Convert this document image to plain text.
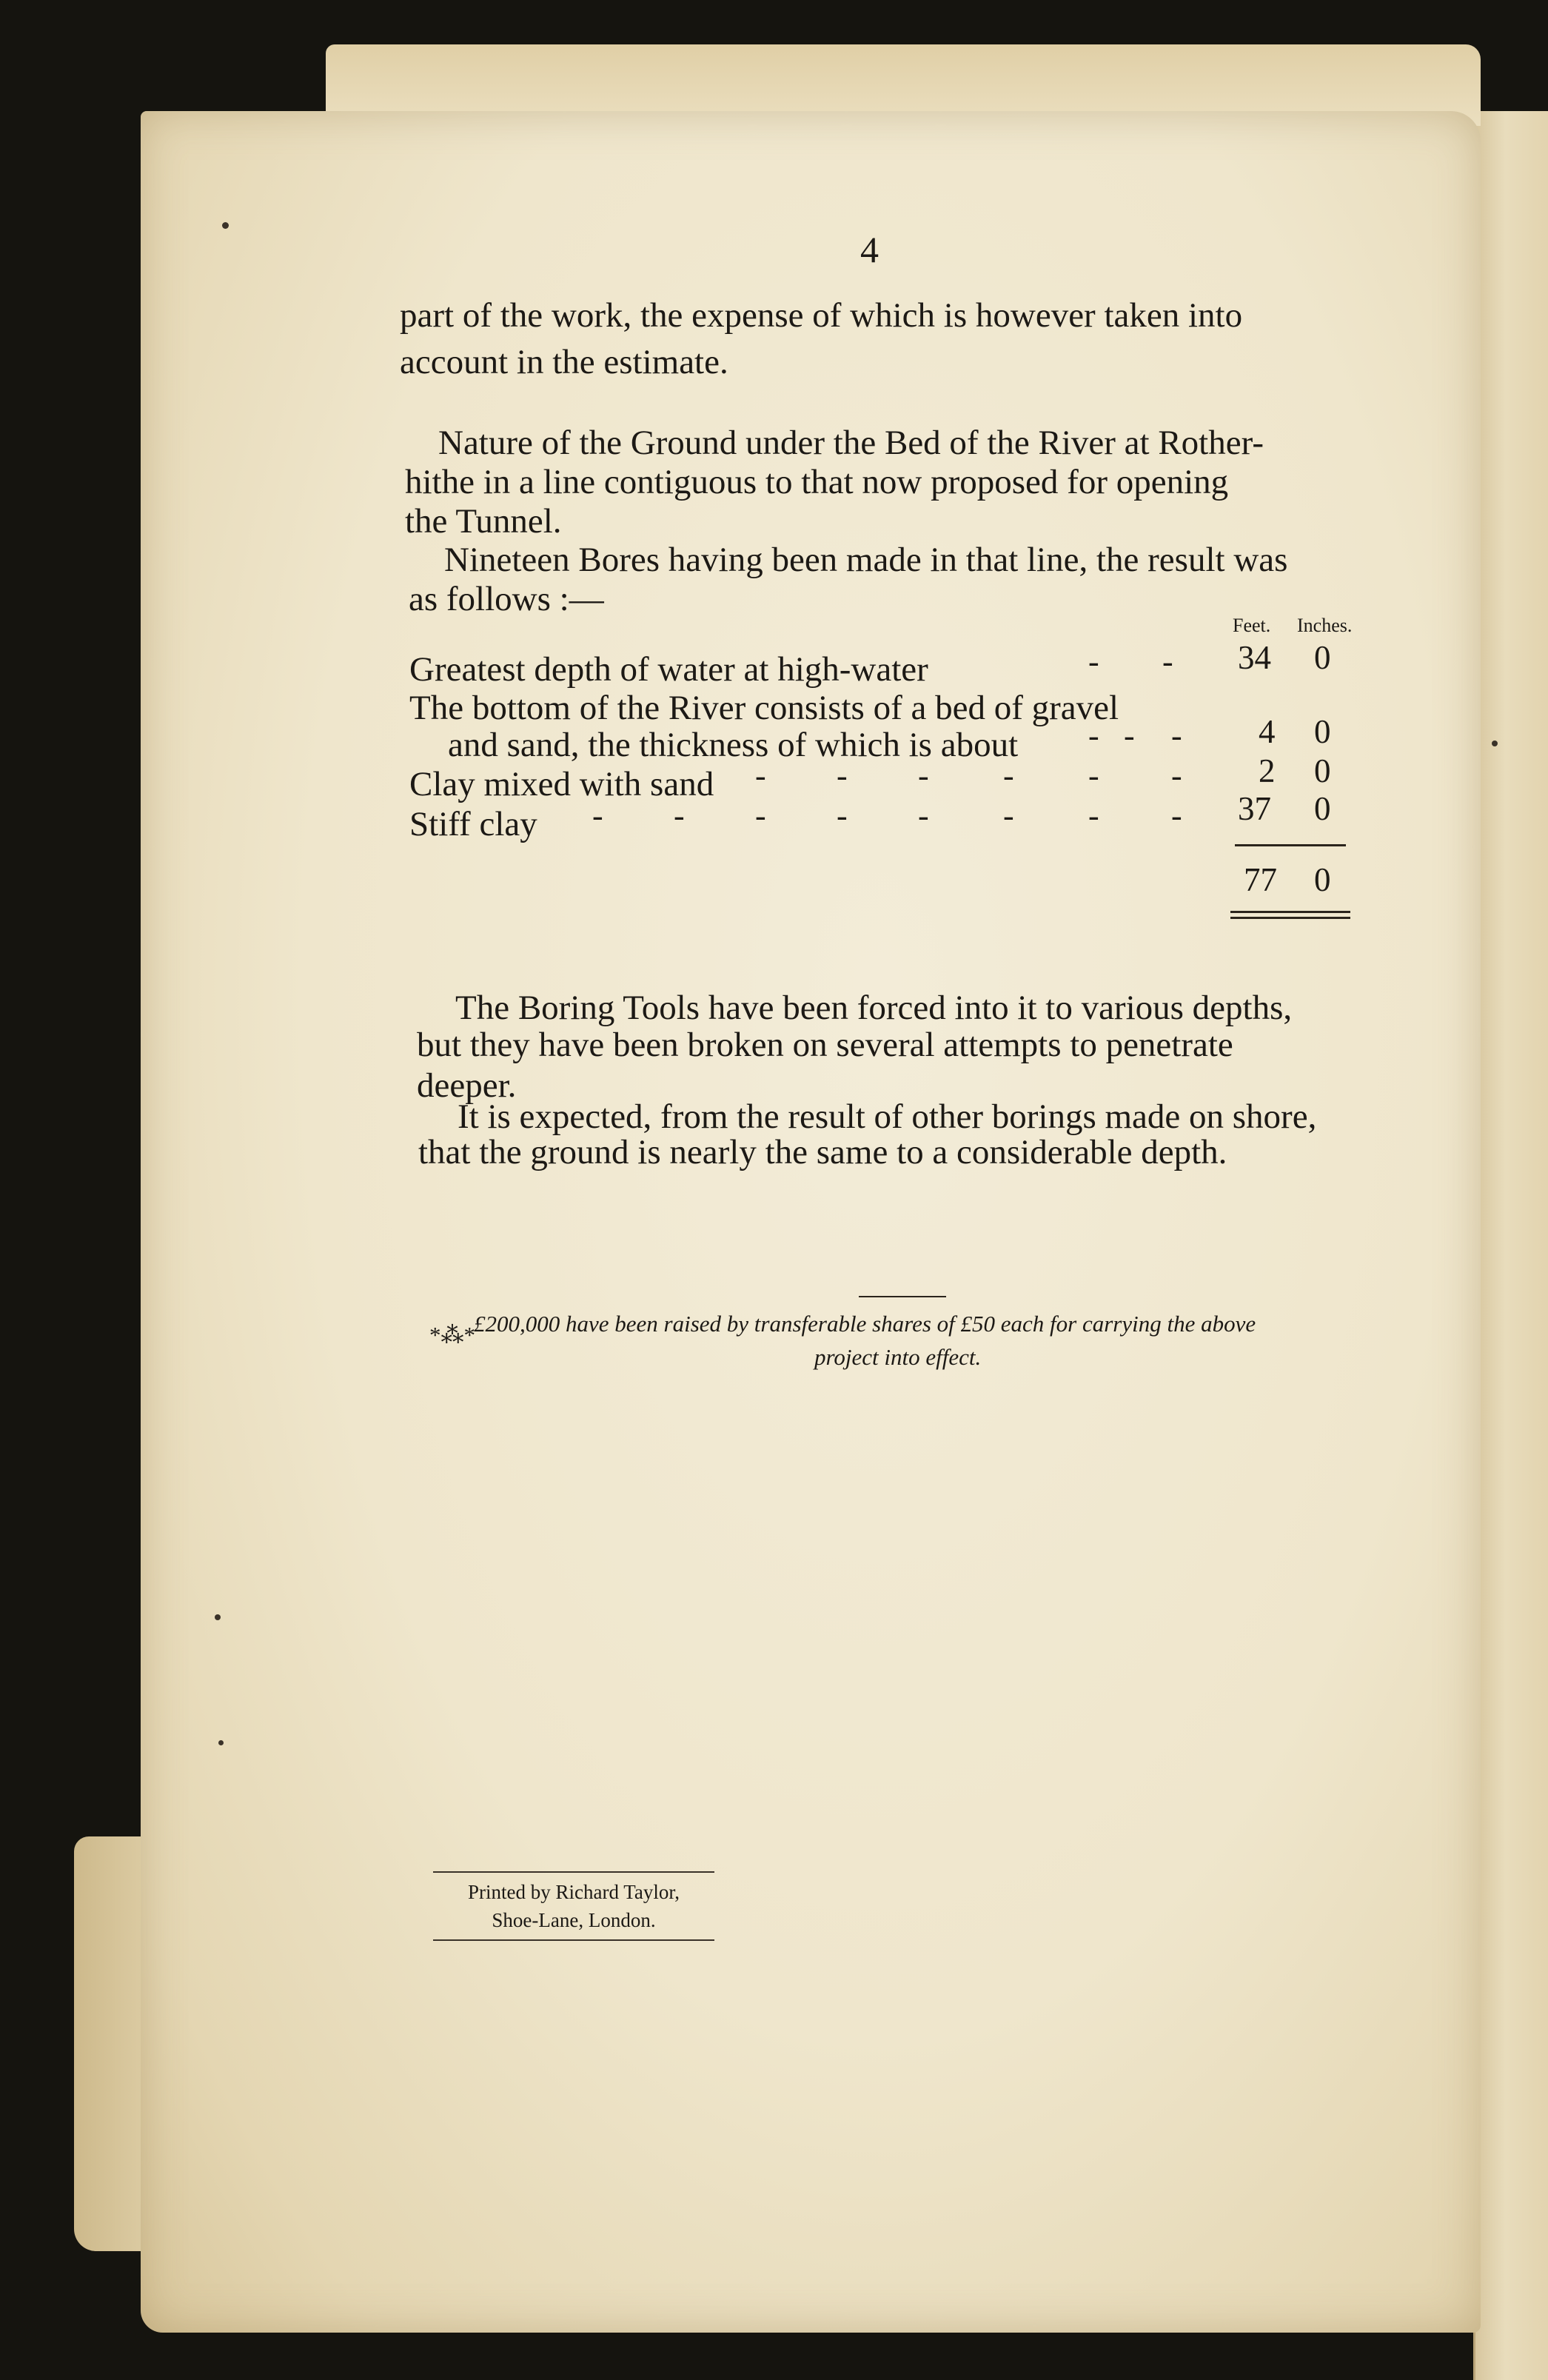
4
part of the work, the expense of which is however taken into
account in the estimate.
Nature of the Ground under the Bed of the River at Rother-
hithe in a line contiguous to that now proposed for opening
the Tunnel.
Nineteen Bores having been made in that line, the result was
as follows :—
Feet. Inches.
Greatest depth of water at high-water	- - 34 0
The bottom of the River consists of a bed of gravel
and sand, the thickness of which is about - - - 4 0
Clay mixed with sand - - - - - - 2 0
Stiff clay - - - - - - - - 37 0
77 0
The Boring Tools have been forced into it to various depths,
but they have been broken on several attempts to penetrate
deeper.
It is expected, from the result of other borings made on shore,
that the ground is nearly the same to a considerable depth.
*⁂*
£200,000 have been raised by transferable shares of £50 each for carrying the above
project into effect.
Printed by Richard Taylor,
Shoe-Lane, London.
